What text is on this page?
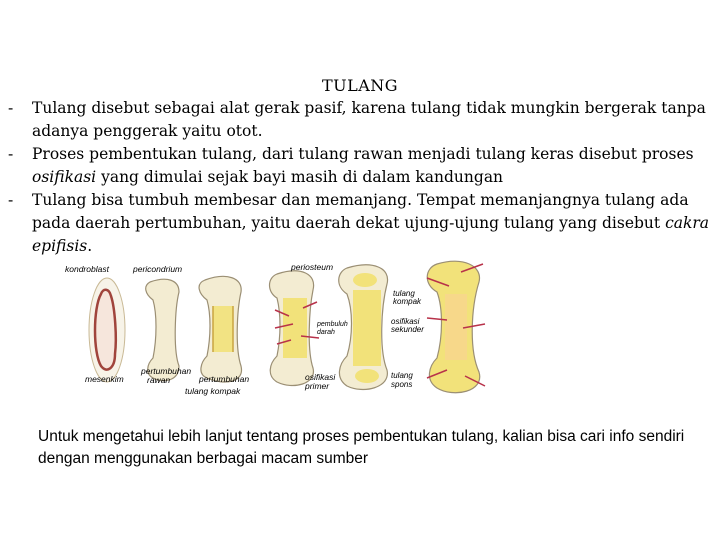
TULANG
- Tulang disebut sebagai alat gerak pasif, karena tulang tidak mungkin bergerak tanpa adanya penggerak yaitu otot.
- Proses pembentukan tulang, dari tulang rawan menjadi tulang keras disebut proses osifikasi yang dimulai sejak bayi masih di dalam kandungan
- Tulang bisa tumbuh membesar dan memanjang. Tempat memanjangnya tulang ada pada daerah pertumbuhan, yaitu daerah dekat ujung-ujung tulang yang disebut cakra epifisis.
kondroblast	pericondrium	periosteum
tulang
kompak
pembuluh
darah
osifikasi
sekunder
mesenkim
pertumbuhan
rawan	pertumbuhan
tulang kompak
osifikasi
primer
tulang
spons
Untuk mengetahui lebih lanjut tentang proses pembentukan tulang, kalian bisa cari info sendiri dengan menggunakan berbagai macam sumber
